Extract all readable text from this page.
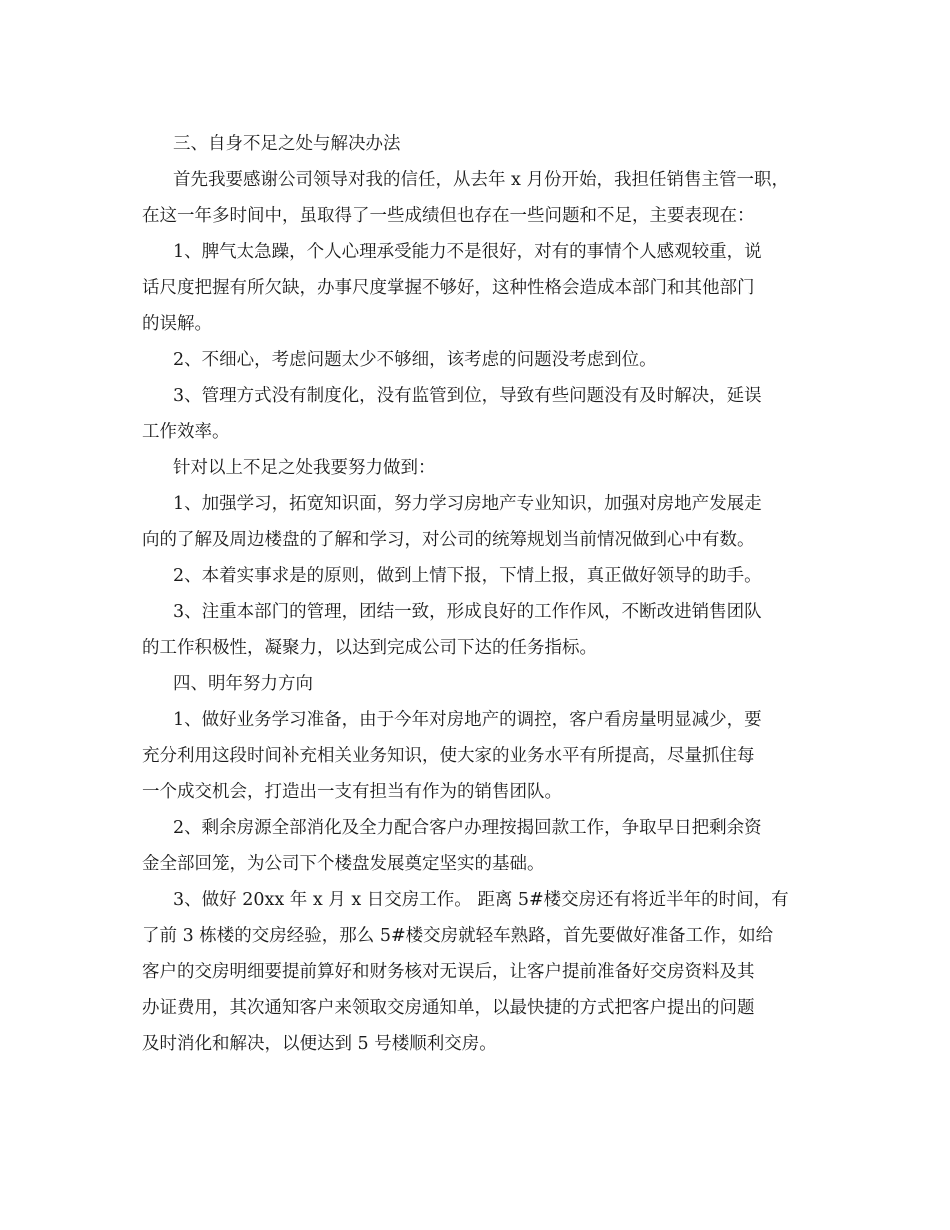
三、自身不足之处与解决办法
首先我要感谢公司领导对我的信任，从去年 x 月份开始，我担任销售主管一职，
在这一年多时间中，虽取得了一些成绩但也存在一些问题和不足，主要表现在：
1、脾气太急躁，个人心理承受能力不是很好，对有的事情个人感观较重，说
话尺度把握有所欠缺，办事尺度掌握不够好，这种性格会造成本部门和其他部门
的误解。
2、不细心，考虑问题太少不够细，该考虑的问题没考虑到位。
3、管理方式没有制度化，没有监管到位，导致有些问题没有及时解决，延误
工作效率。
针对以上不足之处我要努力做到：
1、加强学习，拓宽知识面，努力学习房地产专业知识，加强对房地产发展走
向的了解及周边楼盘的了解和学习，对公司的统筹规划当前情况做到心中有数。
2、本着实事求是的原则，做到上情下报，下情上报，真正做好领导的助手。
3、注重本部门的管理，团结一致，形成良好的工作作风，不断改进销售团队
的工作积极性，凝聚力，以达到完成公司下达的任务指标。
四、明年努力方向
1、做好业务学习准备，由于今年对房地产的调控，客户看房量明显减少，要
充分利用这段时间补充相关业务知识，使大家的业务水平有所提高，尽量抓住每
一个成交机会，打造出一支有担当有作为的销售团队。
2、剩余房源全部消化及全力配合客户办理按揭回款工作，争取早日把剩余资
金全部回笼，为公司下个楼盘发展奠定坚实的基础。
3、做好 20xx 年 x 月 x 日交房工作。 距离 5#楼交房还有将近半年的时间，有
了前 3 栋楼的交房经验，那么 5#楼交房就轻车熟路，首先要做好准备工作，如给
客户的交房明细要提前算好和财务核对无误后，让客户提前准备好交房资料及其
办证费用，其次通知客户来领取交房通知单，以最快捷的方式把客户提出的问题
及时消化和解决，以便达到 5 号楼顺利交房。
